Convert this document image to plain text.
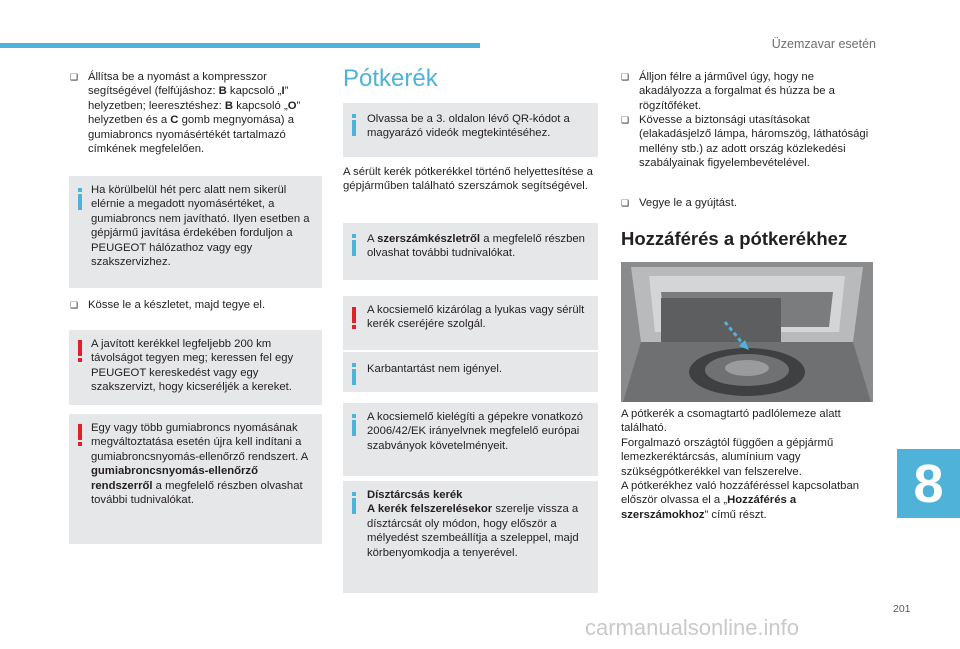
Üzemzavar esetén
❑ Állítsa be a nyomást a kompresszor segítségével (felfújáshoz: B kapcsoló „I” helyzetben; leeresztéshez: B kapcsoló „O” helyzetben és a C gomb megnyomása) a gumiabroncs nyomásértékét tartalmazó címkének megfelelően.
Ha körülbelül hét perc alatt nem sikerül elérnie a megadott nyomásértéket, a gumiabroncs nem javítható. Ilyen esetben a gépjármű javítása érdekében forduljon a PEUGEOT hálózathoz vagy egy szakszervizhez.
❑ Kösse le a készletet, majd tegye el.
A javított kerékkel legfeljebb 200 km távolságot tegyen meg; keressen fel egy PEUGEOT kereskedést vagy egy szakszervizt, hogy kicseréljék a kereket.
Egy vagy több gumiabroncs nyomásának megváltoztatása esetén újra kell indítani a gumiabroncsnyomás-ellenőrző rendszert. A gumiabroncsnyomás-ellenőrző rendszerről a megfelelő részben olvashat további tudnivalókat.
Pótkerék
Olvassa be a 3. oldalon lévő QR-kódot a magyarázó videók megtekintéséhez.
A sérült kerék pótkerékkel történő helyettesítése a gépjárműben található szerszámok segítségével.
A szerszámkészletről a megfelelő részben olvashat további tudnivalókat.
A kocsiemelő kizárólag a lyukas vagy sérült kerék cseréjére szolgál.
Karbantartást nem igényel.
A kocsiemelő kielégíti a gépekre vonatkozó 2006/42/EK irányelvnek megfelelő európai szabványok követelményeit.
Dísztárcsás kerék
A kerék felszerelésekor szerelje vissza a dísztárcsát oly módon, hogy először a mélyedést szembeállítja a szeleppel, majd körbenyomkodja a tenyerével.
❑ Álljon félre a járművel úgy, hogy ne akadályozza a forgalmat és húzza be a rögzítőféket.
❑ Kövesse a biztonsági utasításokat (elakadásjelző lámpa, háromszög, láthatósági mellény stb.) az adott ország közlekedési szabályainak figyelembevételével.
❑ Vegye le a gyújtást.
Hozzáférés a pótkerékhez
A pótkerék a csomagtartó padlólemeze alatt található.
Forgalmazó országtól függően a gépjármű lemezkeréktárcsás, alumínium vagy szükségpótkerékkel van felszerelve.
A pótkerékhez való hozzáféréssel kapcsolatban először olvassa el a „Hozzáférés a szerszámokhoz” című részt.
8
201
carmanualsonline.info
